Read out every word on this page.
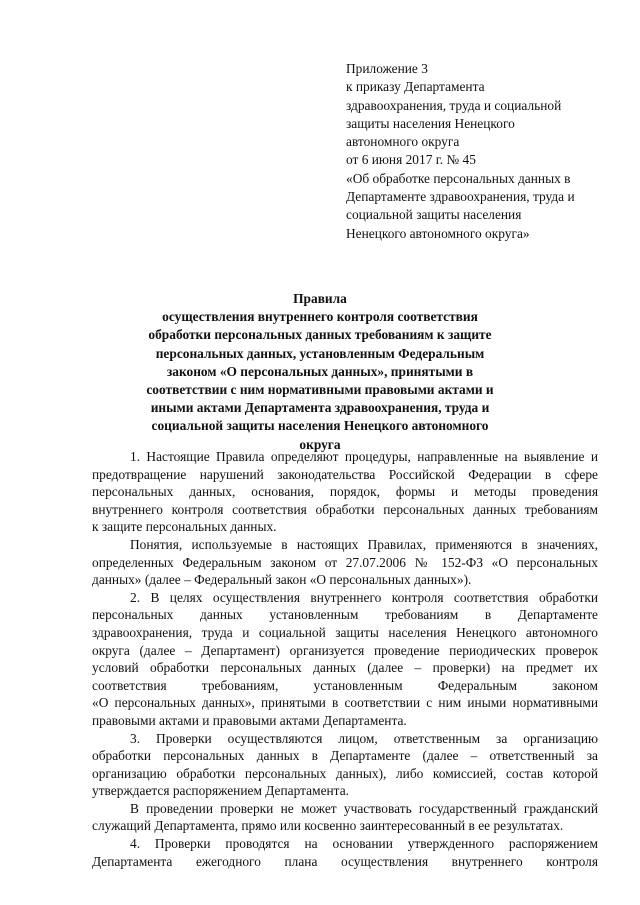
Приложение 3
к приказу Департамента
здравоохранения, труда и социальной
защиты населения Ненецкого
автономного округа
от 6 июня 2017 г. № 45
«Об обработке персональных данных в
Департаменте здравоохранения, труда и
социальной защиты населения
Ненецкого автономного округа»
Правила
осуществления внутреннего контроля соответствия
обработки персональных данных требованиям к защите
персональных данных, установленным Федеральным
законом «О персональных данных», принятыми в
соответствии с ним нормативными правовыми актами и
иными актами Департамента здравоохранения, труда и
социальной защиты населения Ненецкого автономного
округа
1. Настоящие Правила определяют процедуры, направленные на выявление и
предотвращение нарушений законодательства Российской Федерации в сфере
персональных данных, основания, порядок, формы и методы проведения
внутреннего контроля соответствия обработки персональных данных требованиям
к защите персональных данных.
Понятия, используемые в настоящих Правилах, применяются в значениях,
определенных Федеральным законом от 27.07.2006 № 152-ФЗ «О персональных
данных» (далее – Федеральный закон «О персональных данных»).
2. В целях осуществления внутреннего контроля соответствия обработки
персональных данных установленным требованиям в Департаменте
здравоохранения, труда и социальной защиты населения Ненецкого автономного
округа (далее – Департамент) организуется проведение периодических проверок
условий обработки персональных данных (далее – проверки) на предмет их
соответствия требованиям, установленным Федеральным законом
«О персональных данных», принятыми в соответствии с ним иными нормативными
правовыми актами и правовыми актами Департамента.
3. Проверки осуществляются лицом, ответственным за организацию
обработки персональных данных в Департаменте (далее – ответственный за
организацию обработки персональных данных), либо комиссией, состав которой
утверждается распоряжением Департамента.
В проведении проверки не может участвовать государственный гражданский
служащий Департамента, прямо или косвенно заинтересованный в ее результатах.
4. Проверки проводятся на основании утвержденного распоряжением
Департамента ежегодного плана осуществления внутреннего контроля
